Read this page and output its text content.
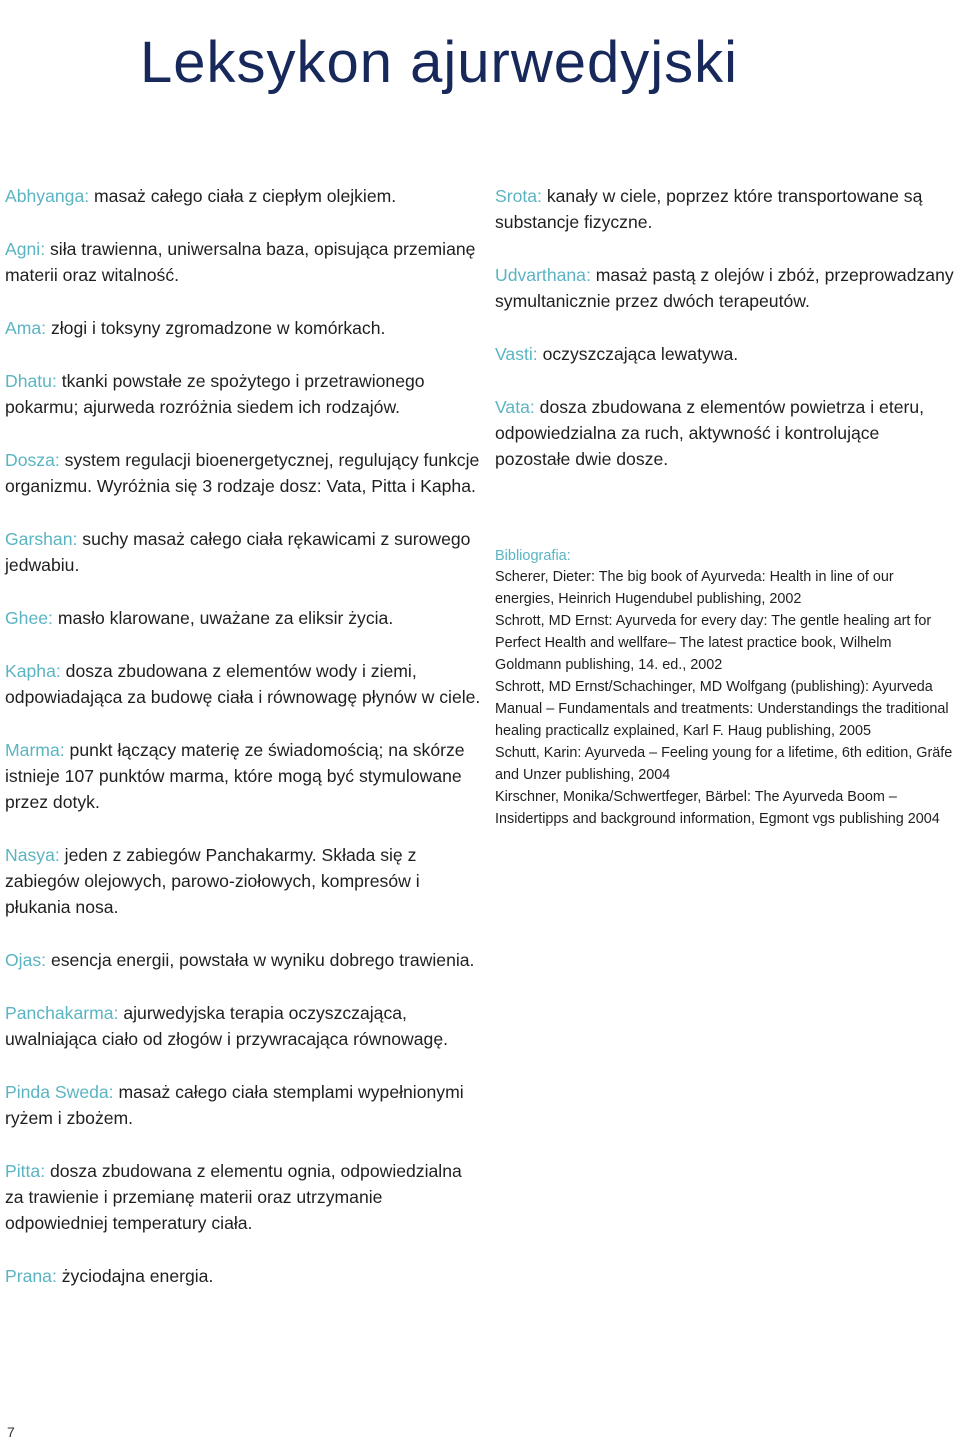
Leksykon ajurwedyjski
Abhyanga: masaż całego ciała z ciepłym olejkiem.
Agni: siła trawienna, uniwersalna baza, opisująca przemianę materii oraz witalność.
Ama: złogi i toksyny zgromadzone w komórkach.
Dhatu: tkanki powstałe ze spożytego i przetrawionego pokarmu; ajurweda rozróżnia siedem ich rodzajów.
Dosza: system regulacji bioenergetycznej, regulujący funkcje organizmu. Wyróżnia się 3 rodzaje dosz: Vata, Pitta i Kapha.
Garshan: suchy masaż całego ciała rękawicami z surowego jedwabiu.
Ghee: masło klarowane, uważane za eliksir życia.
Kapha: dosza zbudowana z elementów wody i ziemi, odpowiadająca za budowę ciała i równowagę płynów w ciele.
Marma: punkt łączący materię ze świadomością; na skórze istnieje 107 punktów marma, które mogą być stymulowane przez dotyk.
Nasya: jeden z zabiegów Panchakarmy. Składa się z zabiegów olejowych, parowo-ziołowych, kompresów i płukania nosa.
Ojas: esencja energii, powstała w wyniku dobrego trawienia.
Panchakarma: ajurwedyjska terapia oczyszczająca, uwalniająca ciało od złogów i przywracająca równowagę.
Pinda Sweda: masaż całego ciała stemplami wypełnionymi ryżem i zbożem.
Pitta: dosza zbudowana z elementu ognia, odpowiedzialna za trawienie i przemianę materii oraz utrzymanie odpowiedniej temperatury ciała.
Prana: życiodajna energia.
Srota: kanały w ciele, poprzez które transportowane są substancje fizyczne.
Udvarthana: masaż pastą z olejów i zbóż, przeprowadzany symultanicznie przez dwóch terapeutów.
Vasti: oczyszczająca lewatywa.
Vata: dosza zbudowana z elementów powietrza i eteru, odpowiedzialna za ruch, aktywność i kontrolujące pozostałe dwie dosze.
Bibliografia:
Scherer, Dieter: The big book of Ayurveda: Health in line of our energies, Heinrich Hugendubel publishing, 2002
Schrott, MD Ernst: Ayurveda for every day: The gentle healing art for Perfect Health and wellfare– The latest practice book, Wilhelm Goldmann publishing, 14. ed., 2002
Schrott, MD Ernst/Schachinger, MD Wolfgang (publishing): Ayurveda Manual – Fundamentals and treatments: Understandings the traditional healing practicallz explained, Karl F. Haug publishing, 2005
Schutt, Karin: Ayurveda – Feeling young for a lifetime, 6th edition, Gräfe and Unzer publishing, 2004
Kirschner, Monika/Schwertfeger, Bärbel: The Ayurveda Boom – Insidertipps and background information, Egmont vgs publishing 2004
7
